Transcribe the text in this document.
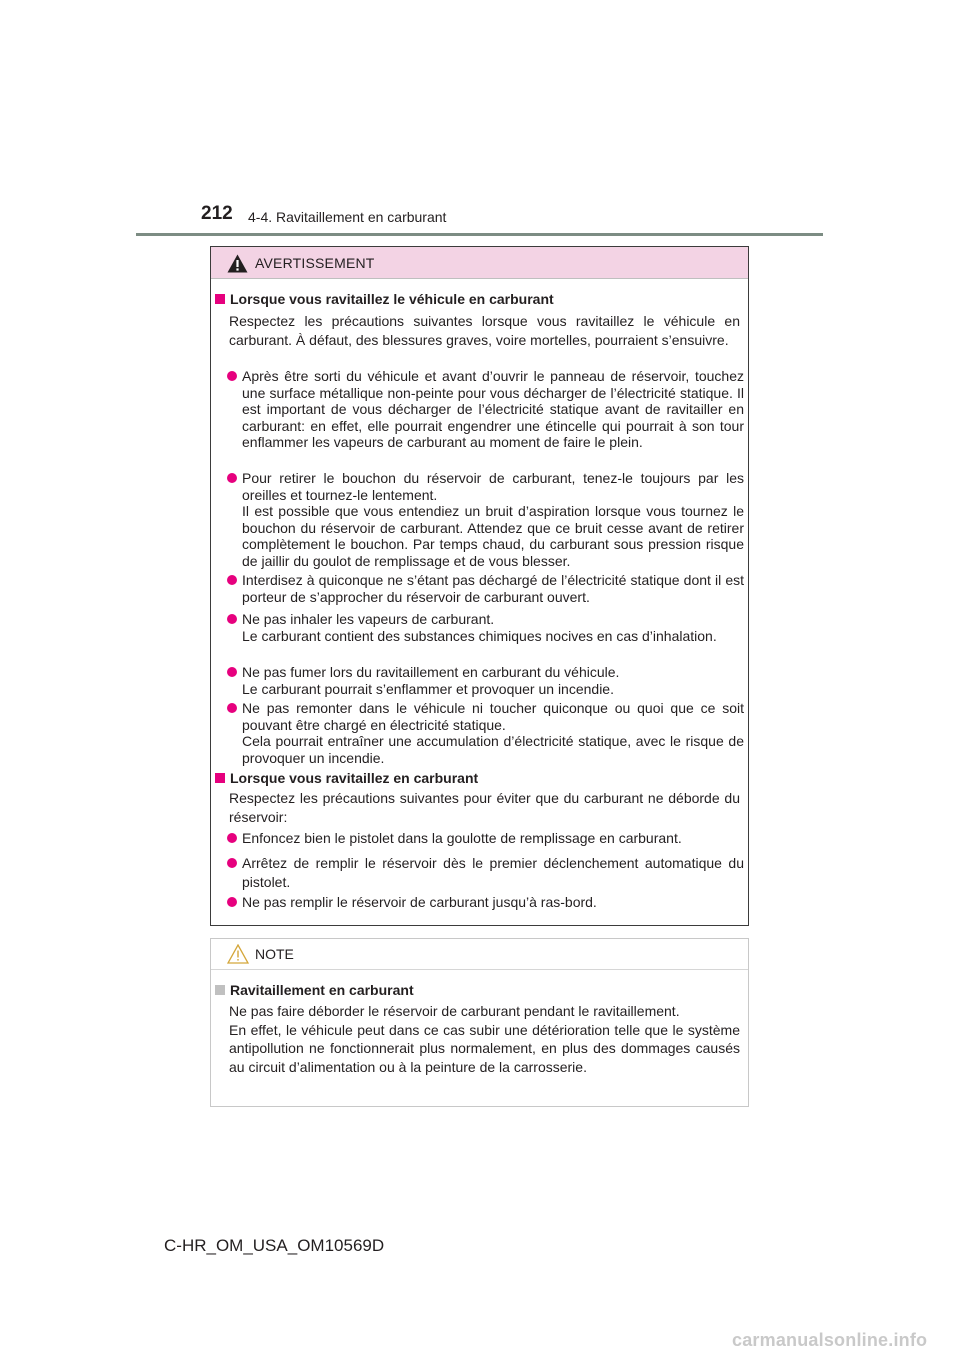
212 4-4. Ravitaillement en carburant
AVERTISSEMENT
Lorsque vous ravitaillez le véhicule en carburant
Respectez les précautions suivantes lorsque vous ravitaillez le véhicule en carburant. À défaut, des blessures graves, voire mortelles, pourraient s’ensuivre.
Après être sorti du véhicule et avant d’ouvrir le panneau de réservoir, touchez une surface métallique non-peinte pour vous décharger de l’électricité statique. Il est important de vous décharger de l’électricité statique avant de ravitailler en carburant: en effet, elle pourrait engendrer une étincelle qui pourrait à son tour enflammer les vapeurs de carburant au moment de faire le plein.
Pour retirer le bouchon du réservoir de carburant, tenez-le toujours par les oreilles et tournez-le lentement.
Il est possible que vous entendiez un bruit d’aspiration lorsque vous tournez le bouchon du réservoir de carburant. Attendez que ce bruit cesse avant de retirer complètement le bouchon. Par temps chaud, du carburant sous pression risque de jaillir du goulot de remplissage et de vous blesser.
Interdisez à quiconque ne s’étant pas déchargé de l’électricité statique dont il est porteur de s’approcher du réservoir de carburant ouvert.
Ne pas inhaler les vapeurs de carburant.
Le carburant contient des substances chimiques nocives en cas d’inhalation.
Ne pas fumer lors du ravitaillement en carburant du véhicule.
Le carburant pourrait s’enflammer et provoquer un incendie.
Ne pas remonter dans le véhicule ni toucher quiconque ou quoi que ce soit pouvant être chargé en électricité statique.
Cela pourrait entraîner une accumulation d’électricité statique, avec le risque de provoquer un incendie.
Lorsque vous ravitaillez en carburant
Respectez les précautions suivantes pour éviter que du carburant ne déborde du réservoir:
Enfoncez bien le pistolet dans la goulotte de remplissage en carburant.
Arrêtez de remplir le réservoir dès le premier déclenchement automatique du pistolet.
Ne pas remplir le réservoir de carburant jusqu’à ras-bord.
NOTE
Ravitaillement en carburant
Ne pas faire déborder le réservoir de carburant pendant le ravitaillement.
En effet, le véhicule peut dans ce cas subir une détérioration telle que le système antipollution ne fonctionnerait plus normalement, en plus des dommages causés au circuit d’alimentation ou à la peinture de la carrosserie.
C-HR_OM_USA_OM10569D
carmanualsonline.info
